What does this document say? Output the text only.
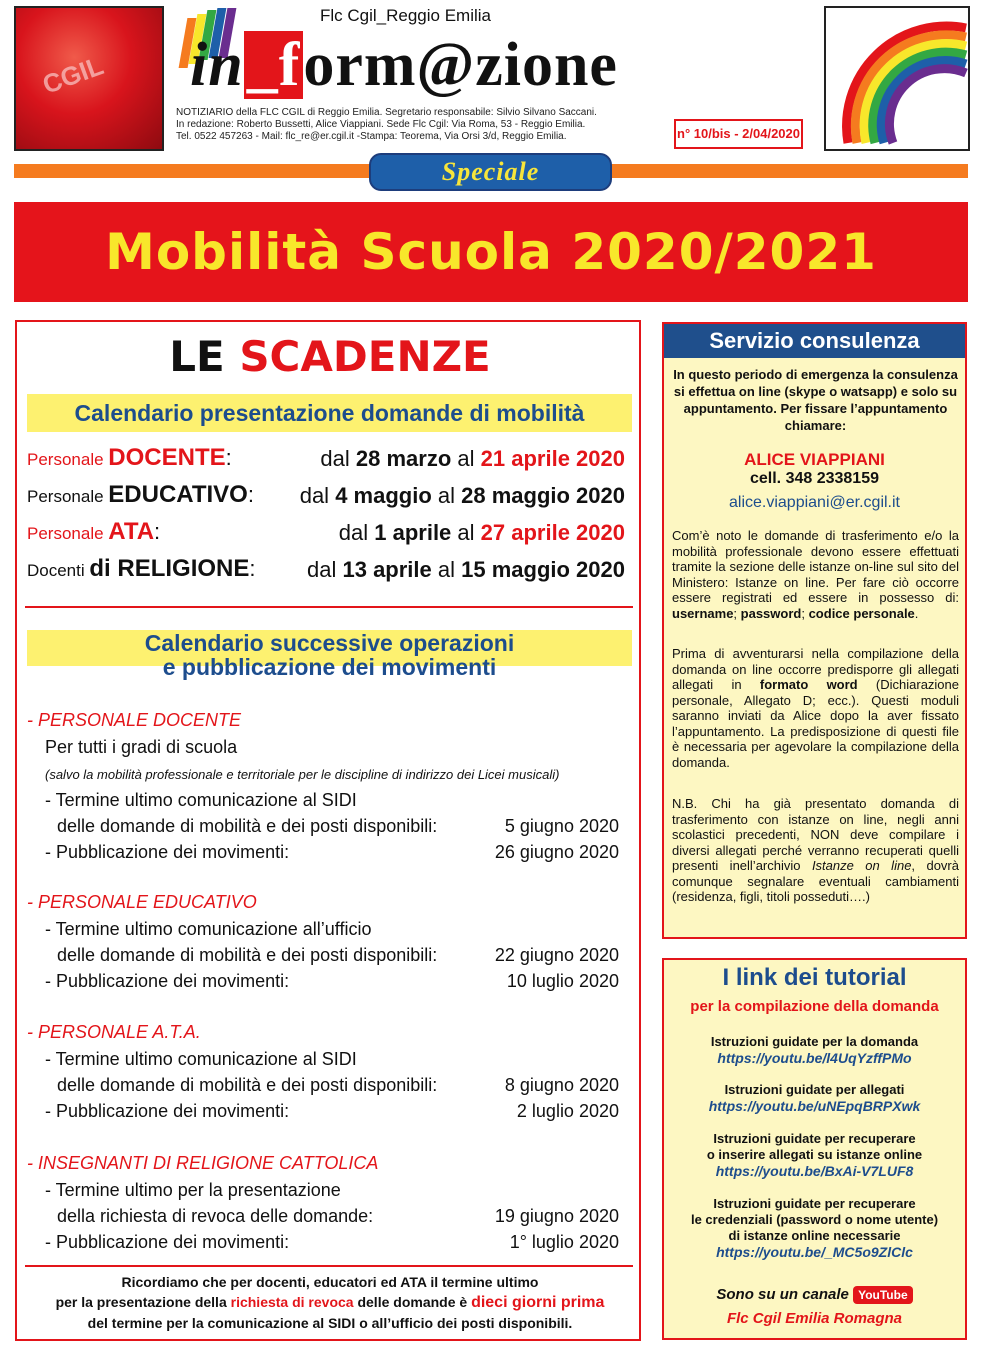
CGIL
Flc Cgil_Reggio Emilia
in_form@zione
NOTIZIARIO della FLC CGIL di Reggio Emilia. Segretario responsabile: Silvio Silvano Saccani.
In redazione: Roberto Bussetti, Alice Viappiani. Sede Flc Cgil: Via Roma, 53 - Reggio Emilia.
Tel. 0522 457263 - Mail: flc_re@er.cgil.it -Stampa: Teorema, Via Orsi 3/d, Reggio Emilia.	n° 10/bis - 2/04/2020
Speciale
Mobilità Scuola 2020/2021
LE SCADENZE
Calendario presentazione domande di mobilità
Personale DOCENTE:	dal 28 marzo al 21 aprile 2020
Personale EDUCATIVO: dal 4 maggio al 28 maggio 2020
Personale ATA:	dal 1 aprile al 27 aprile 2020
Docenti di RELIGIONE: dal 13 aprile al 15 maggio 2020
Calendario successive operazioni
e pubblicazione dei movimenti
- PERSONALE DOCENTE
Per tutti i gradi di scuola
(salvo la mobilità professionale e territoriale per le discipline di indirizzo dei Licei musicali)
- Termine ultimo comunicazione al SIDI
delle domande di mobilità e dei posti disponibili:	5 giugno 2020
- Pubblicazione dei movimenti:	26 giugno 2020
- PERSONALE EDUCATIVO
- Termine ultimo comunicazione all’ufficio
delle domande di mobilità e dei posti disponibili:	22 giugno 2020
- Pubblicazione dei movimenti:	10 luglio 2020
- PERSONALE A.T.A.
- Termine ultimo comunicazione al SIDI
delle domande di mobilità e dei posti disponibili:	8 giugno 2020
- Pubblicazione dei movimenti:	2 luglio 2020
- INSEGNANTI DI RELIGIONE CATTOLICA
- Termine ultimo per la presentazione
della richiesta di revoca delle domande:	19 giugno 2020
- Pubblicazione dei movimenti:	1° luglio 2020
Ricordiamo che per docenti, educatori ed ATA il termine ultimo
per la presentazione della richiesta di revoca delle domande è dieci giorni prima
del termine per la comunicazione al SIDI o all’ufficio dei posti disponibili.
Servizio consulenza
In questo periodo di emergenza la consulenza si effettua on line (skype o watsapp) e solo su appuntamento. Per fissare l’appuntamento chiamare:
ALICE VIAPPIANI
cell. 348 2338159
alice.viappiani@er.cgil.it
Com’è noto le domande di trasferimento e/o la mobilità professionale devono essere effettuati tramite la sezione delle istanze on-line sul sito del Ministero: Istanze on line. Per fare ciò occorre essere registrati ed essere in possesso di: username; password; codice personale.
Prima di avventurarsi nella compilazione della domanda on line occorre predisporre gli allegati allegati in formato word (Dichiarazione personale, Allegato D; ecc.). Questi moduli saranno inviati da Alice dopo la aver fissato l’appuntamento. La predisposizione di questi file è necessaria per agevolare la compilazione della domanda.
N.B. Chi ha già presentato domanda di trasferimento con istanze on line, negli anni scolastici precedenti, NON deve compilare i diversi allegati perché verranno recuperati quelli presenti inell’archivio Istanze on line, dovrà comunque segnalare eventuali cambiamenti (residenza, figli, titoli posseduti….)
I link dei tutorial
per la compilazione della domanda
Istruzioni guidate per la domanda
https://youtu.be/l4UqYzffPMo
Istruzioni guidate per allegati
https://youtu.be/uNEpqBRPXwk
Istruzioni guidate per recuperare
o inserire allegati su istanze online
https://youtu.be/BxAi-V7LUF8
Istruzioni guidate per recuperare
le credenziali (password o nome utente)
di istanze online necessarie
https://youtu.be/_MC5o9ZlClc
Sono su un canale YouTube
Flc Cgil Emilia Romagna
